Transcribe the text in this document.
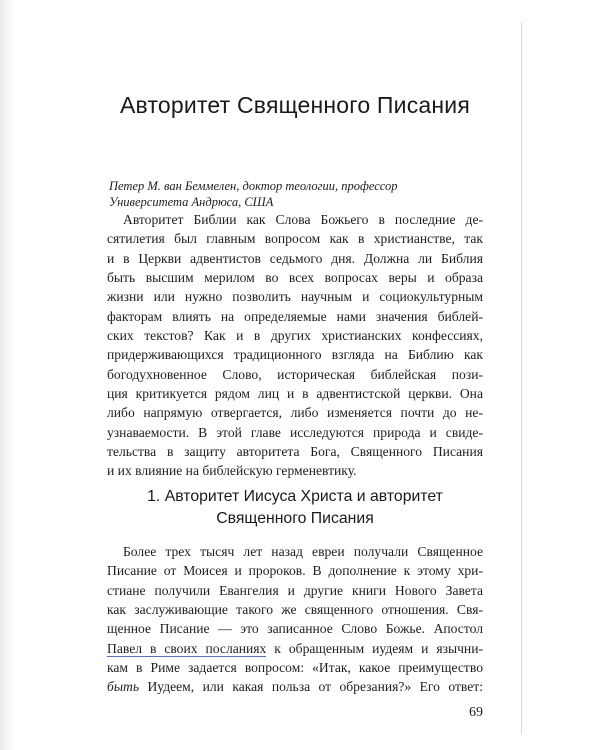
Авторитет Священного Писания
Петер М. ван Беммелен, доктор теологии, профессор
Университета Андрюса, США

Авторитет Библии как Слова Божьего в последние де-
сятилетия был главным вопросом как в христианстве, так
и в Церкви адвентистов седьмого дня. Должна ли Библия
быть высшим мерилом во всех вопросах веры и образа
жизни или нужно позволить научным и социокультурным
факторам влиять на определяемые нами значения библей-
ских текстов? Как и в других христианских конфессиях,
придерживающихся традиционного взгляда на Библию как
богодухновенное Слово, историческая библейская пози-
ция критикуется рядом лиц и в адвентистской церкви. Она
либо напрямую отвергается, либо изменяется почти до не-
узнаваемости. В этой главе исследуются природа и свиде-
тельства в защиту авторитета Бога, Священного Писания
и их влияние на библейскую герменевтику.

1. Авторитет Иисуса Христа и авторитет
Священного Писания

Более трех тысяч лет назад евреи получали Священное
Писание от Моисея и пророков. В дополнение к этому хри-
стиане получили Евангелия и другие книги Нового Завета
как заслуживающие такого же священного отношения. Свя-
щенное Писание — это записанное Слово Божье. Апостол
Павел в своих посланиях к обращенным иудеям и язычни-
кам в Риме задается вопросом: «Итак, какое преимущество
быть Иудеем, или какая польза от обрезания?» Его ответ:

69
